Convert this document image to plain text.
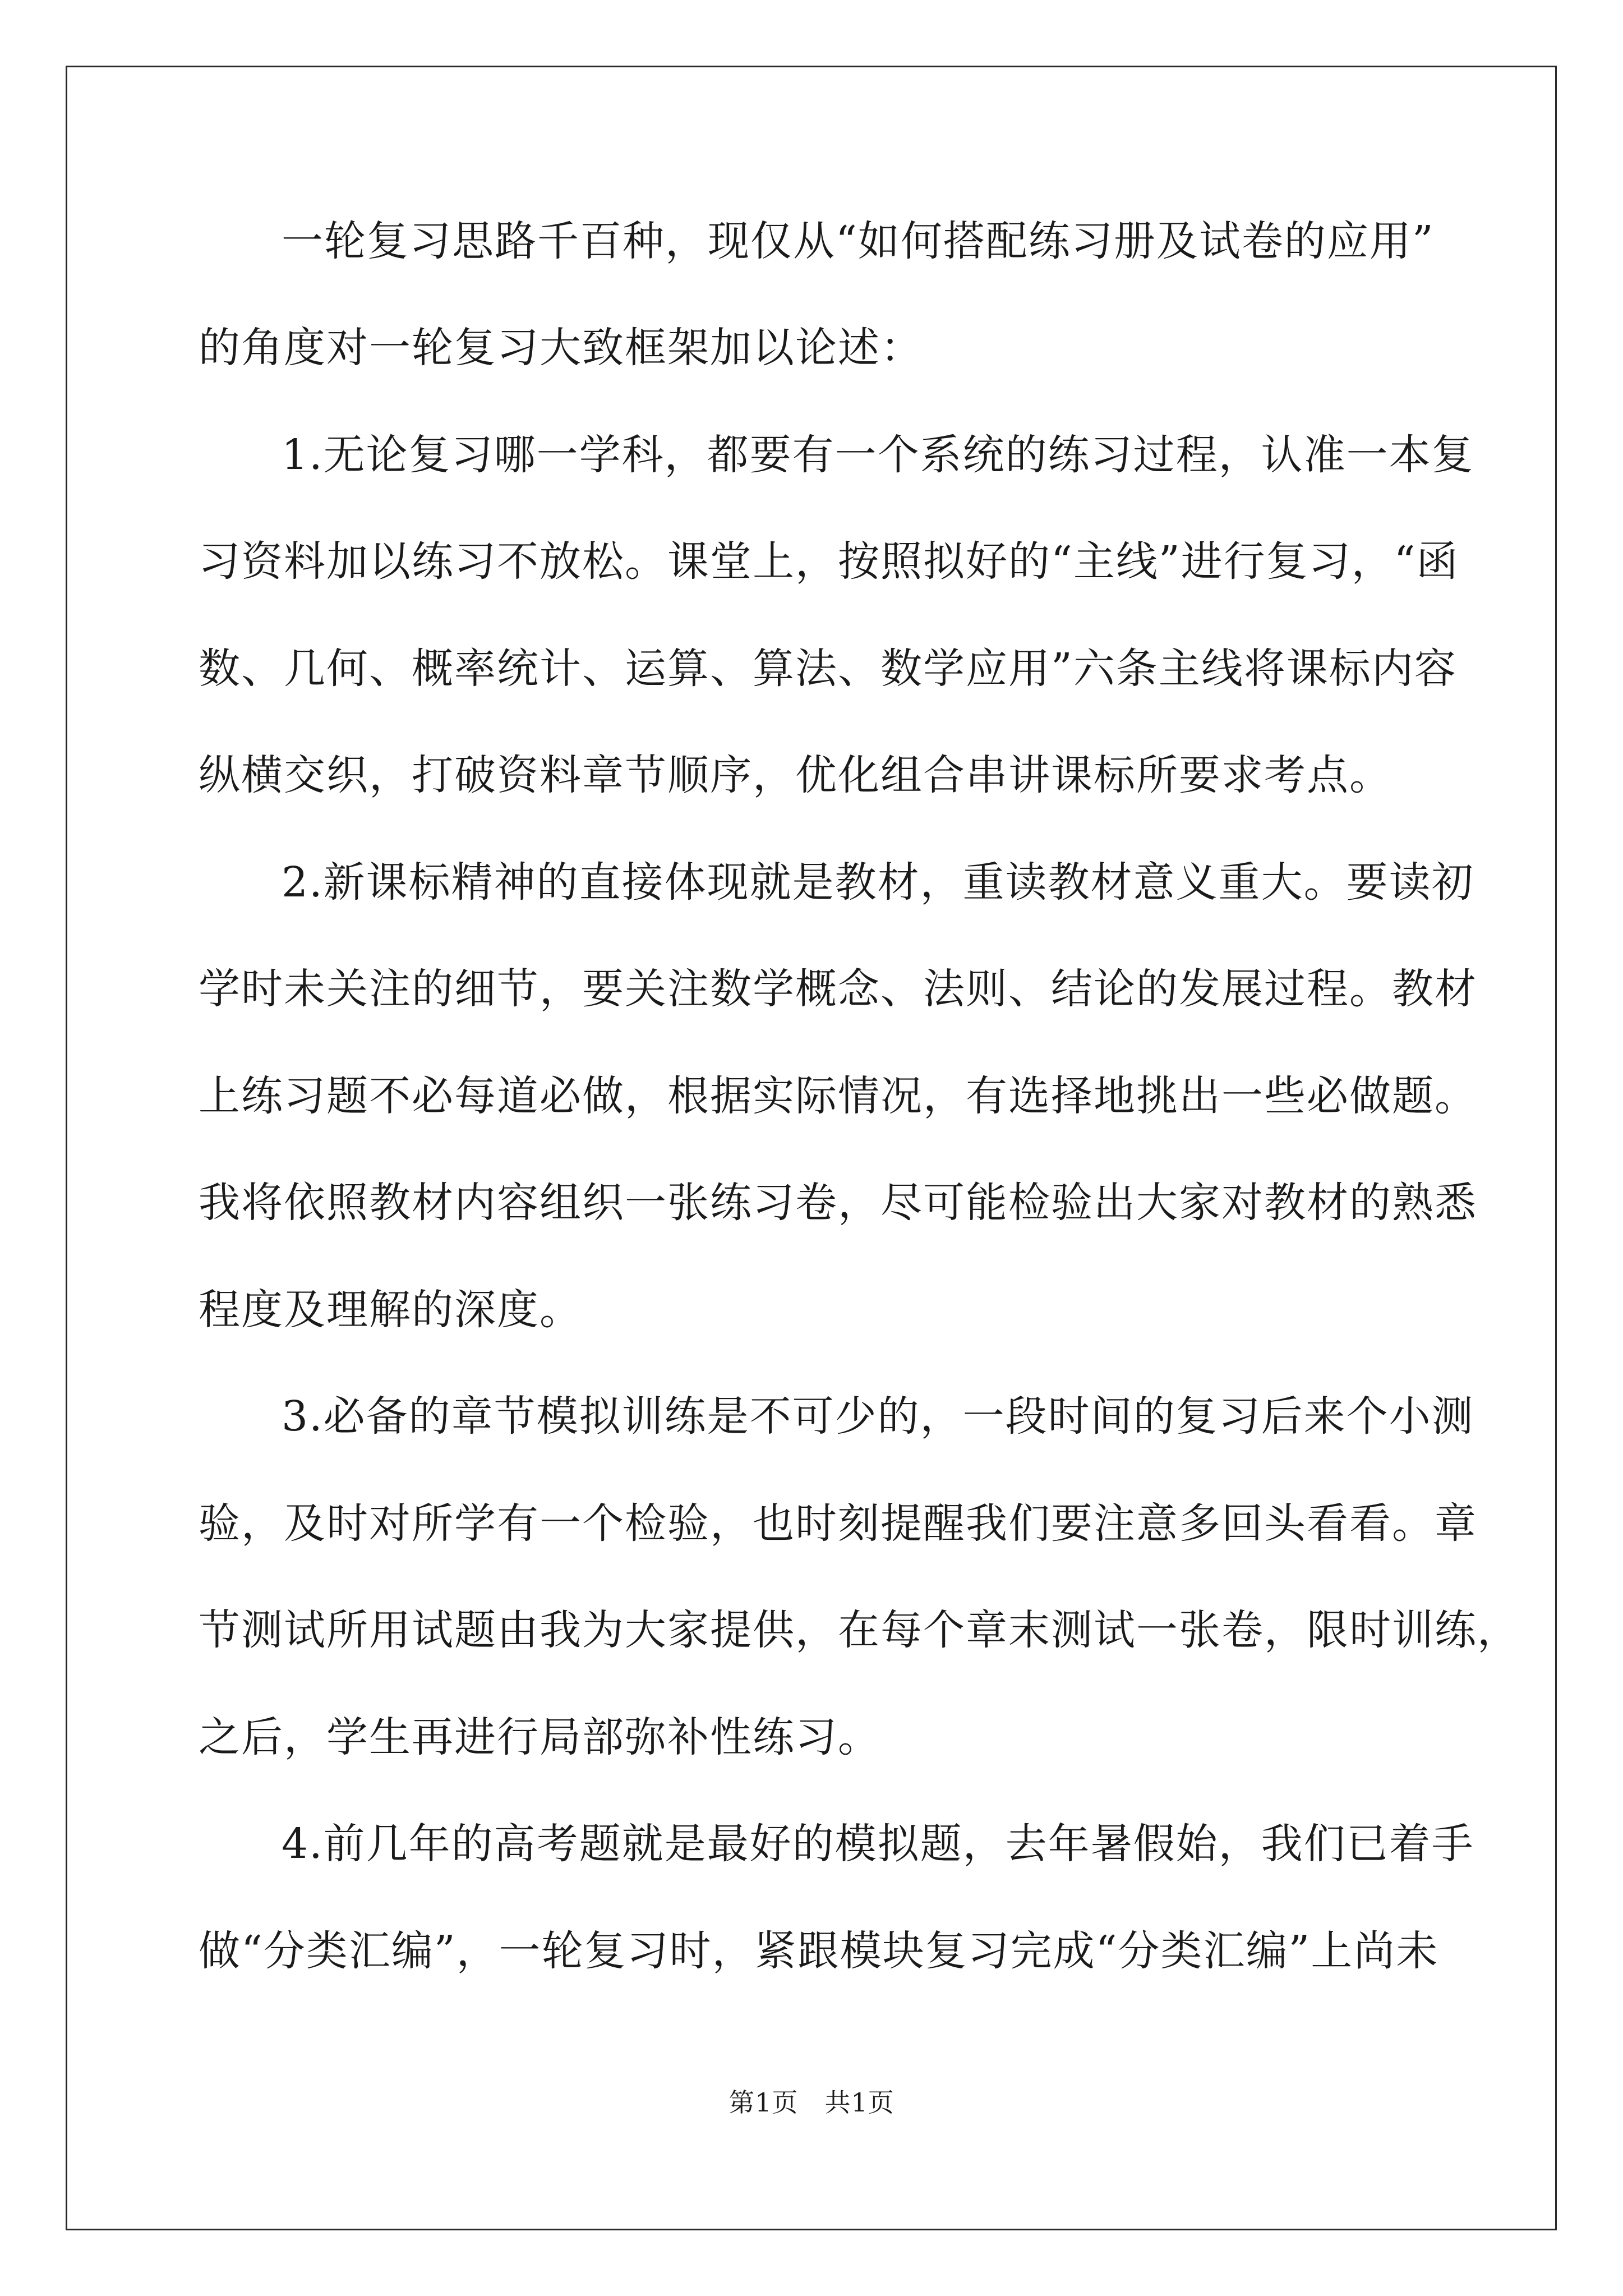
一轮复习思路千百种，现仅从“如何搭配练习册及试卷的应用”
的角度对一轮复习大致框架加以论述：
1.无论复习哪一学科，都要有一个系统的练习过程，认准一本复
习资料加以练习不放松。课堂上，按照拟好的“主线”进行复习，“函
数、几何、概率统计、运算、算法、数学应用”六条主线将课标内容
纵横交织，打破资料章节顺序，优化组合串讲课标所要求考点。
2.新课标精神的直接体现就是教材，重读教材意义重大。要读初
学时未关注的细节，要关注数学概念、法则、结论的发展过程。教材
上练习题不必每道必做，根据实际情况，有选择地挑出一些必做题。
我将依照教材内容组织一张练习卷，尽可能检验出大家对教材的熟悉
程度及理解的深度。
3.必备的章节模拟训练是不可少的，一段时间的复习后来个小测
验，及时对所学有一个检验，也时刻提醒我们要注意多回头看看。章
节测试所用试题由我为大家提供，在每个章末测试一张卷，限时训练，
之后，学生再进行局部弥补性练习。
4.前几年的高考题就是最好的模拟题，去年暑假始，我们已着手
做“分类汇编”，一轮复习时，紧跟模块复习完成“分类汇编”上尚未
第1页　共1页
